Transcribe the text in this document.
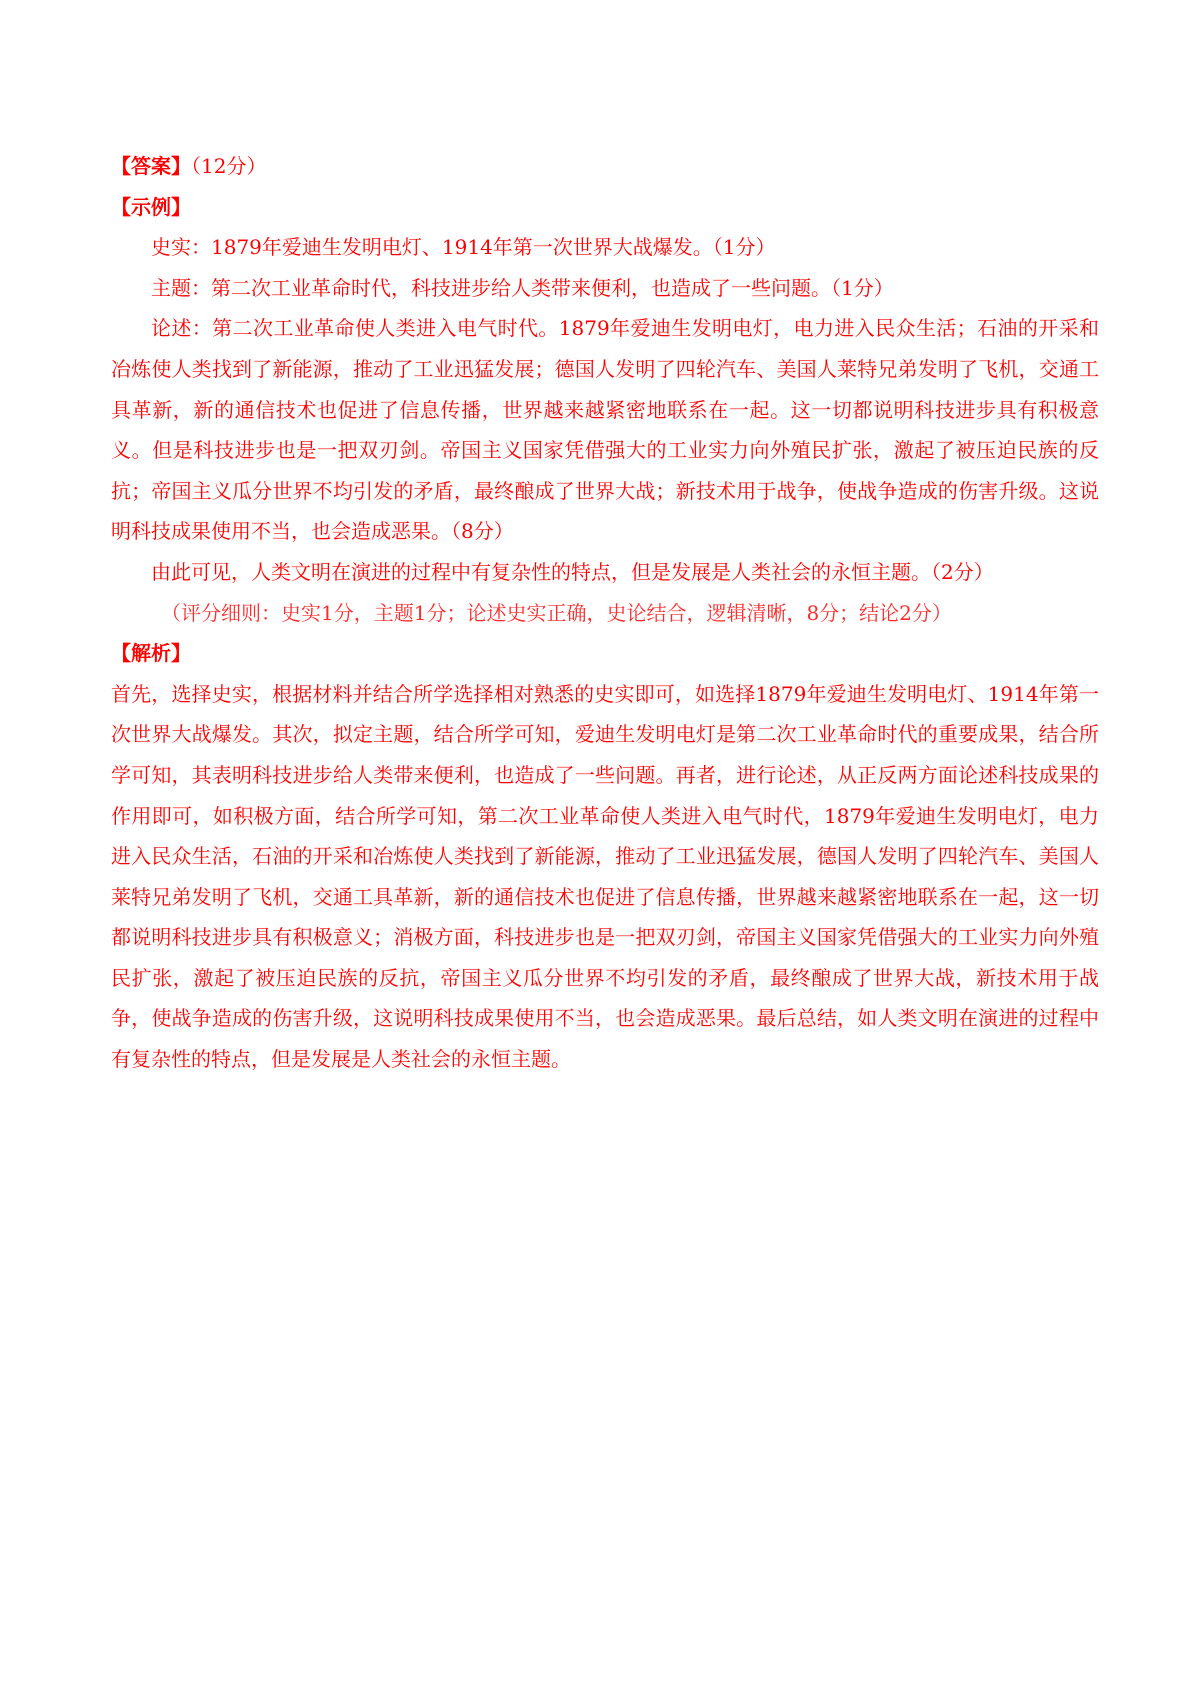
【答案】（12分）

【示例】

史实：1879年爱迪生发明电灯、1914年第一次世界大战爆发。（1分）

主题：第二次工业革命时代，科技进步给人类带来便利，也造成了一些问题。（1分）

论述：第二次工业革命使人类进入电气时代。1879年爱迪生发明电灯，电力进入民众生活；石油的开采和冶炼使人类找到了新能源，推动了工业迅猛发展；德国人发明了四轮汽车、美国人莱特兄弟发明了飞机，交通工具革新，新的通信技术也促进了信息传播，世界越来越紧密地联系在一起。这一切都说明科技进步具有积极意义。但是科技进步也是一把双刃剑。帝国主义国家凭借强大的工业实力向外殖民扩张，激起了被压迫民族的反抗；帝国主义瓜分世界不均引发的矛盾，最终酿成了世界大战；新技术用于战争，使战争造成的伤害升级。这说明科技成果使用不当，也会造成恶果。（8分）

由此可见，人类文明在演进的过程中有复杂性的特点，但是发展是人类社会的永恒主题。（2分）

（评分细则：史实1分，主题1分；论述史实正确，史论结合，逻辑清晰，8分；结论2分）

【解析】

首先，选择史实，根据材料并结合所学选择相对熟悉的史实即可，如选择1879年爱迪生发明电灯、1914年第一次世界大战爆发。其次，拟定主题，结合所学可知，爱迪生发明电灯是第二次工业革命时代的重要成果，结合所学可知，其表明科技进步给人类带来便利，也造成了一些问题。再者，进行论述，从正反两方面论述科技成果的作用即可，如积极方面，结合所学可知，第二次工业革命使人类进入电气时代，1879年爱迪生发明电灯，电力进入民众生活，石油的开采和冶炼使人类找到了新能源，推动了工业迅猛发展，德国人发明了四轮汽车、美国人莱特兄弟发明了飞机，交通工具革新，新的通信技术也促进了信息传播，世界越来越紧密地联系在一起，这一切都说明科技进步具有积极意义；消极方面，科技进步也是一把双刃剑，帝国主义国家凭借强大的工业实力向外殖民扩张，激起了被压迫民族的反抗，帝国主义瓜分世界不均引发的矛盾，最终酿成了世界大战，新技术用于战争，使战争造成的伤害升级，这说明科技成果使用不当，也会造成恶果。最后总结，如人类文明在演进的过程中有复杂性的特点，但是发展是人类社会的永恒主题。
